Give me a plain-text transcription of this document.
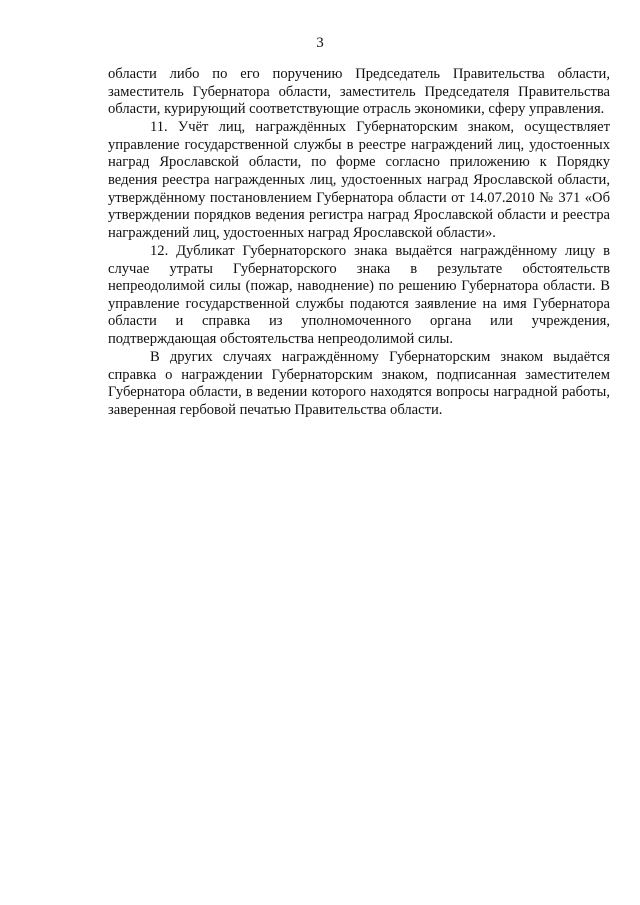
3

области либо по его поручению Председатель Правительства области, заместитель Губернатора области, заместитель Председателя Правительства области, курирующий соответствующие отрасль экономики, сферу управления.

11. Учёт лиц, награждённых Губернаторским знаком, осуществляет управление государственной службы в реестре награждений лиц, удостоенных наград Ярославской области, по форме согласно приложению к Порядку ведения реестра награжденных лиц, удостоенных наград Ярославской области, утверждённому постановлением Губернатора области от 14.07.2010 № 371 «Об утверждении порядков ведения регистра наград Ярославской области и реестра награждений лиц, удостоенных наград Ярославской области».

12. Дубликат Губернаторского знака выдаётся награждённому лицу в случае утраты Губернаторского знака в результате обстоятельств непреодолимой силы (пожар, наводнение) по решению Губернатора области. В управление государственной службы подаются заявление на имя Губернатора области и справка из уполномоченного органа или учреждения, подтверждающая обстоятельства непреодолимой силы.

В других случаях награждённому Губернаторским знаком выдаётся справка о награждении Губернаторским знаком, подписанная заместителем Губернатора области, в ведении которого находятся вопросы наградной работы, заверенная гербовой печатью Правительства области.
